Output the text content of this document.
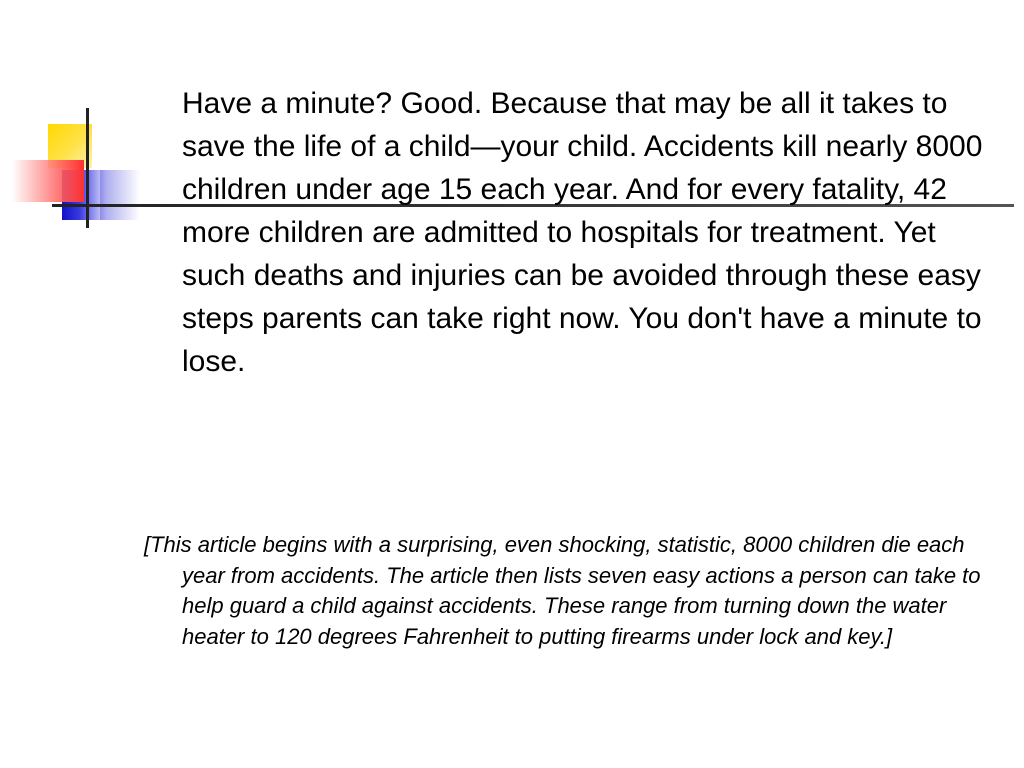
Have a minute? Good. Because that may be all it takes to save the life of a child—your child. Accidents kill nearly 8000 children under age 15 each year. And for every fatality, 42 more children are admitted to hospitals for treatment. Yet such deaths and injuries can be avoided through these easy steps parents can take right now. You don't have a minute to lose.

[This article begins with a surprising, even shocking, statistic, 8000 children die each year from accidents. The article then lists seven easy actions a person can take to help guard a child against accidents. These range from turning down the water heater to 120 degrees Fahrenheit to putting firearms under lock and key.]
